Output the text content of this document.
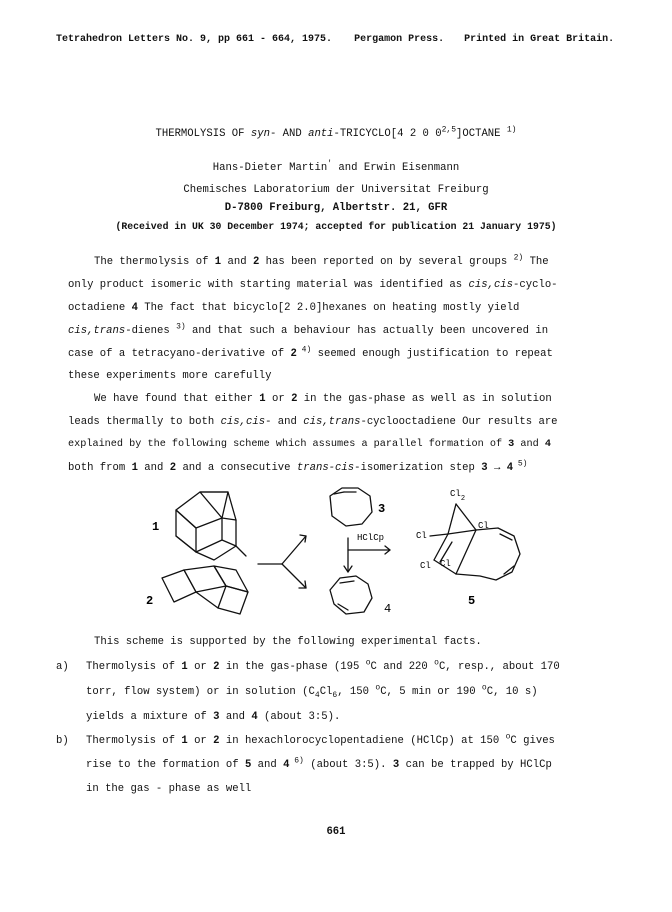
Tetrahedron Letters No. 9, pp 661 - 664, 1975. Pergamon Press. Printed in Great Britain.
THERMOLYSIS OF syn- AND anti-TRICYCLO[4 2 0 0$^{2,5}$]OCTANE $^{1)}$
Hans-Dieter Martin' and Erwin Eisenmann
Chemisches Laboratorium der Universitat Freiburg
D-7800 Freiburg, Albertstr. 21, GFR
(Received in UK 30 December 1974; accepted for publication 21 January 1975)
The thermolysis of 1 and 2 has been reported on by several groups $^{2)}$ The
only product isomeric with starting material was identified as cis,cis-cyclo-
octadiene 4 The fact that bicyclo[2 2.0]hexanes on heating mostly yield
cis,trans-dienes $^{3)}$ and that such a behaviour has actually been uncovered in
case of a tetracyano-derivative of 2 $^{4)}$ seemed enough justification to repeat
these experiments more carefully
We have found that either 1 or 2 in the gas-phase as well as in solution
leads thermally to both cis,cis- and cis,trans-cyclooctadiene Our results are
explained by the following scheme which assumes a parallel formation of 3 and 4
both from 1 and 2 and a consecutive trans-cis-isomerization step 3 → 4 $^{5)}$
1
2
3
4
5
HClCp
$Cl_2$
Cl
Cl
Cl Cl
This scheme is supported by the following experimental facts.
a) Thermolysis of 1 or 2 in the gas-phase (195 $^o$C and 220 $^o$C, resp., about 170
torr, flow system) or in solution ($C_4Cl_6$, 150 $^o$C, 5 min or 190 $^o$C, 10 s)
yields a mixture of 3 and 4 (about 3:5).
b) Thermolysis of 1 or 2 in hexachlorocyclopentadiene (HClCp) at 150 $^o$C gives
rise to the formation of 5 and 4 $^{6)}$ (about 3:5). 3 can be trapped by HClCp
in the gas - phase as well
661
